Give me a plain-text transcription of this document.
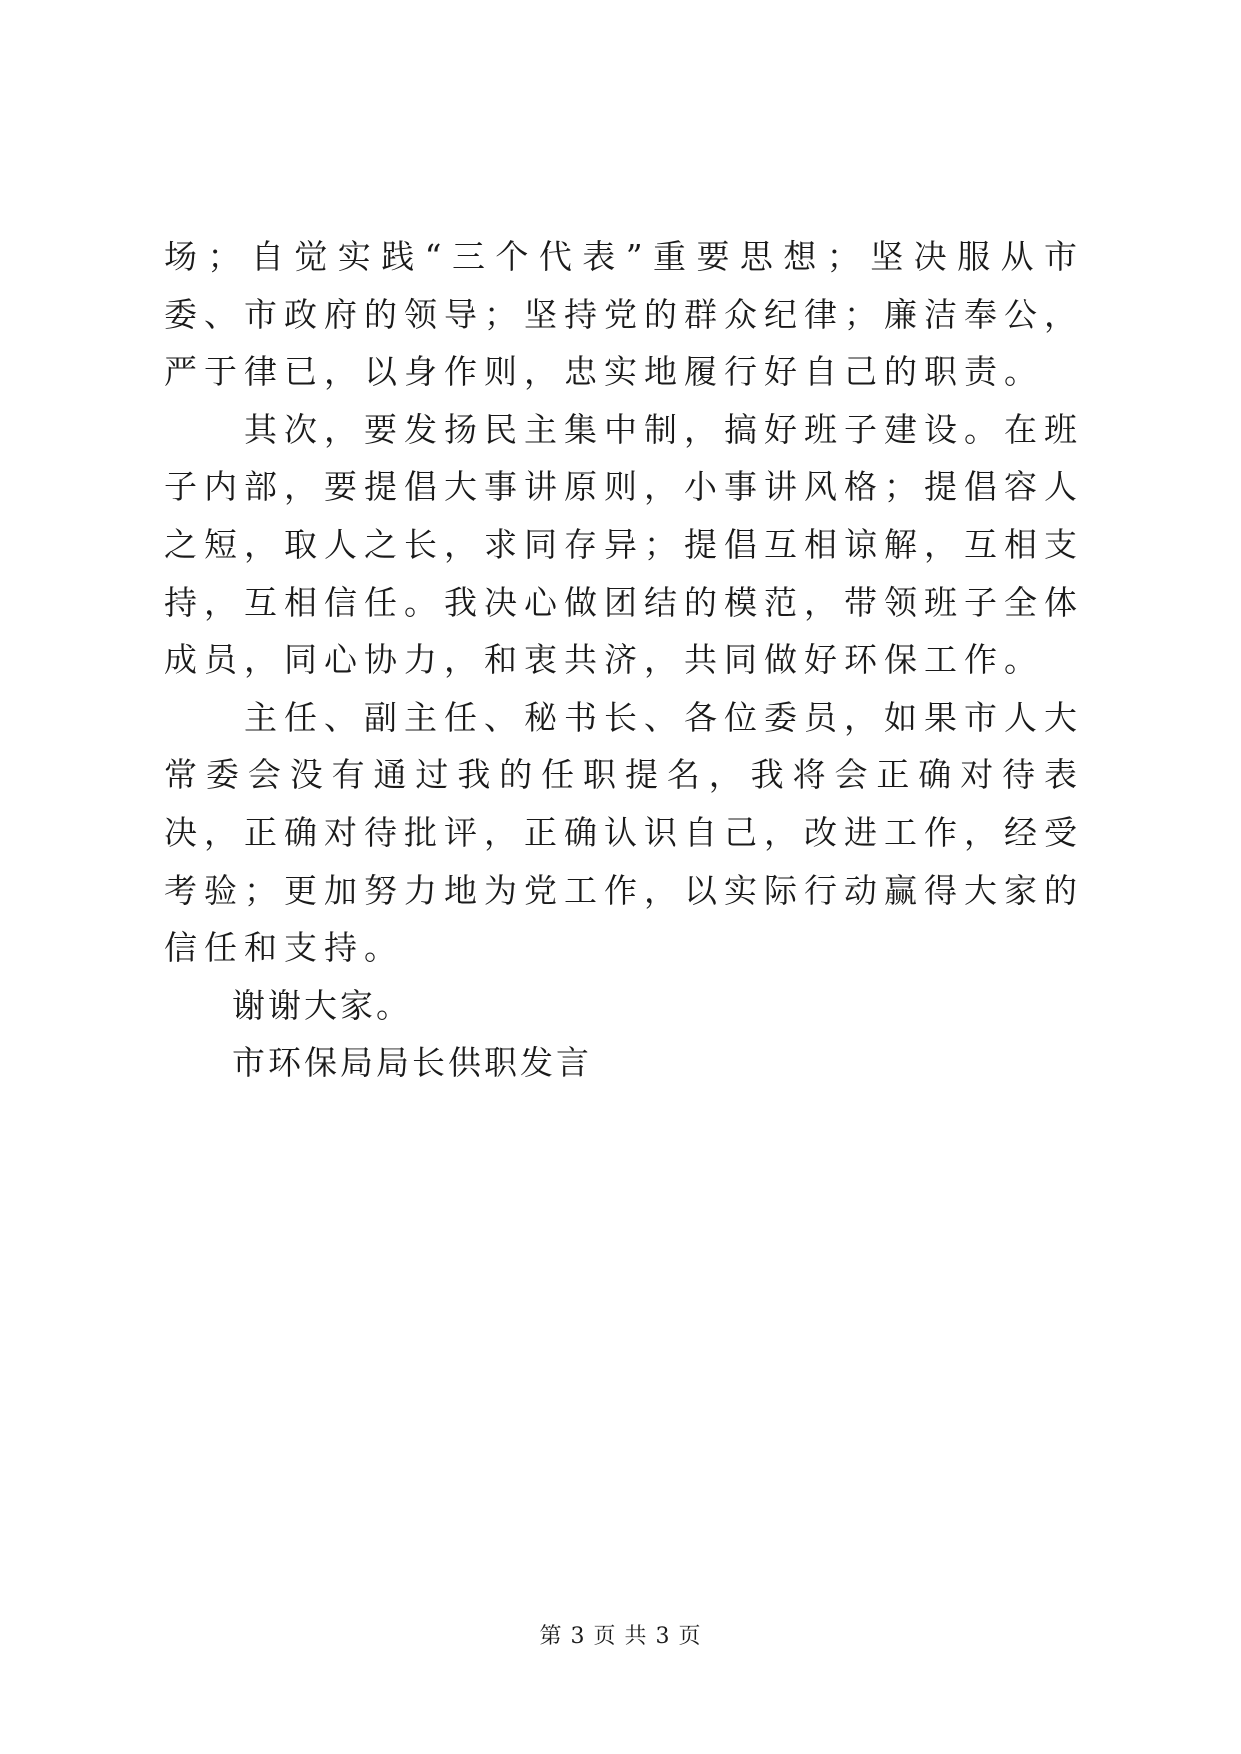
场；自觉实践“三个代表”重要思想；坚决服从市委、市政府的领导；坚持党的群众纪律；廉洁奉公，严于律已，以身作则，忠实地履行好自己的职责。

其次，要发扬民主集中制，搞好班子建设。在班子内部，要提倡大事讲原则，小事讲风格；提倡容人之短，取人之长，求同存异；提倡互相谅解，互相支持，互相信任。我决心做团结的模范，带领班子全体成员，同心协力，和衷共济，共同做好环保工作。

主任、副主任、秘书长、各位委员，如果市人大常委会没有通过我的任职提名，我将会正确对待表决，正确对待批评，正确认识自己，改进工作，经受考验；更加努力地为党工作，以实际行动赢得大家的信任和支持。

谢谢大家。

市环保局局长供职发言

第 3 页 共 3 页
